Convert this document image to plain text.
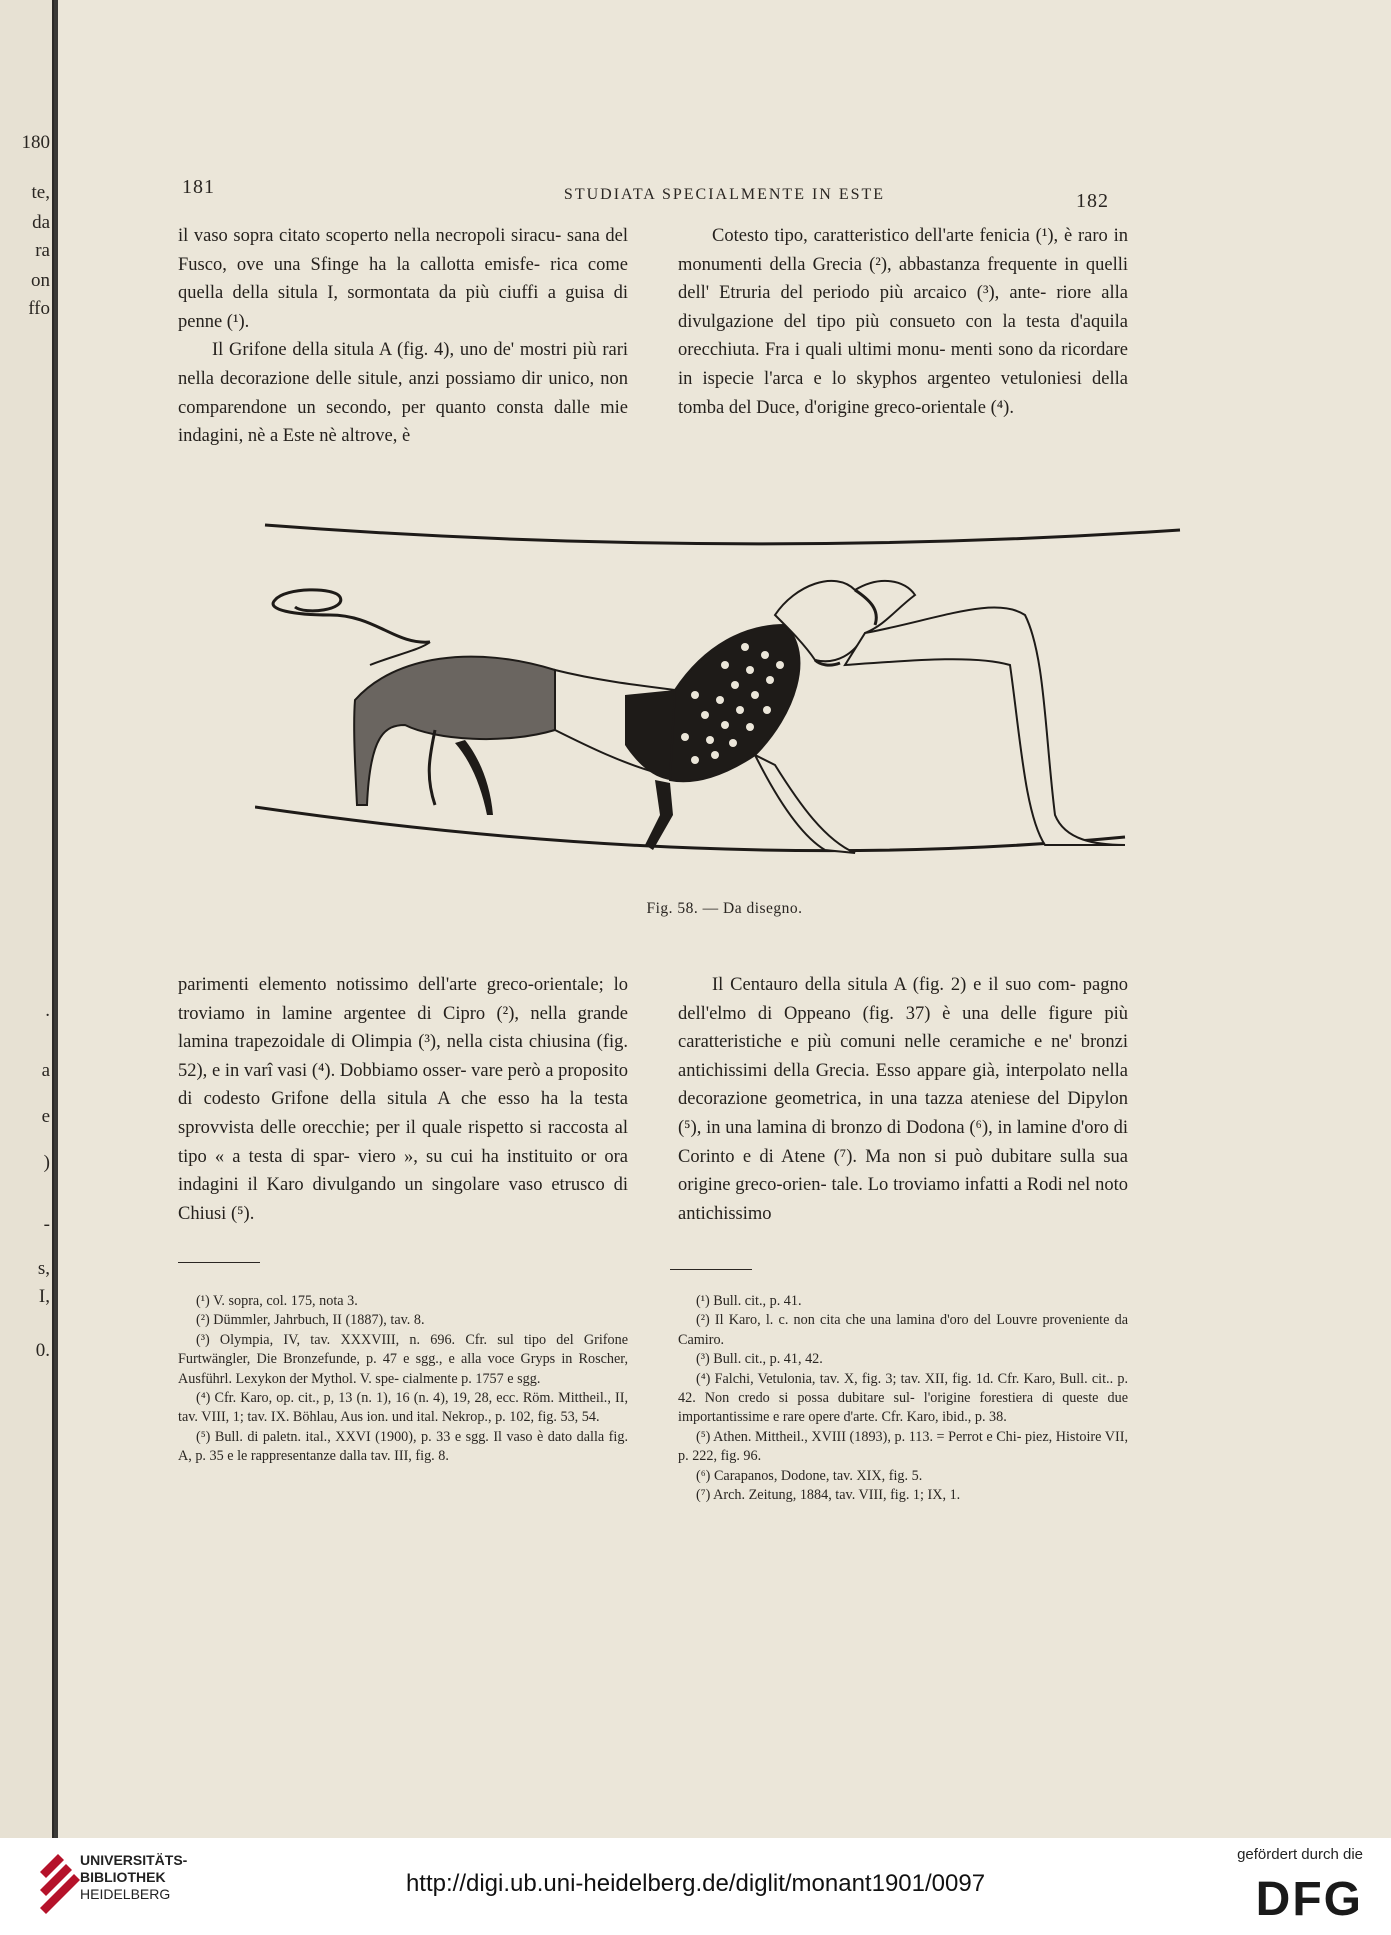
180
te,
da
ra
on
ffo
.
a
e
)
-
s,
I,
0.
181	STUDIATA SPECIALMENTE IN ESTE	182

il vaso sopra citato scoperto nella necropoli siracu- sana del Fusco, ove una Sfinge ha la callotta emisfe- rica come quella della situla I, sormontata da più ciuffi a guisa di penne (¹).

Il Grifone della situla A (fig. 4), uno de' mostri più rari nella decorazione delle situle, anzi possiamo dir unico, non comparendone un secondo, per quanto consta dalle mie indagini, nè a Este nè altrove, è

Cotesto tipo, caratteristico dell'arte fenicia (¹), è raro in monumenti della Grecia (²), abbastanza frequente in quelli dell' Etruria del periodo più arcaico (³), ante- riore alla divulgazione del tipo più consueto con la testa d'aquila orecchiuta. Fra i quali ultimi monu- menti sono da ricordare in ispecie l'arca e lo skyphos argenteo vetuloniesi della tomba del Duce, d'origine greco-orientale (⁴).

Fig. 58. — Da disegno.

parimenti elemento notissimo dell'arte greco-orientale; lo troviamo in lamine argentee di Cipro (²), nella grande lamina trapezoidale di Olimpia (³), nella cista chiusina (fig. 52), e in varî vasi (⁴). Dobbiamo osser- vare però a proposito di codesto Grifone della situla A che esso ha la testa sprovvista delle orecchie; per il quale rispetto si raccosta al tipo « a testa di spar- viero », su cui ha instituito or ora indagini il Karo divulgando un singolare vaso etrusco di Chiusi (⁵).

Il Centauro della situla A (fig. 2) e il suo com- pagno dell'elmo di Oppeano (fig. 37) è una delle figure più caratteristiche e più comuni nelle ceramiche e ne' bronzi antichissimi della Grecia. Esso appare già, interpolato nella decorazione geometrica, in una tazza ateniese del Dipylon (⁵), in una lamina di bronzo di Dodona (⁶), in lamine d'oro di Corinto e di Atene (⁷). Ma non si può dubitare sulla sua origine greco-orien- tale. Lo troviamo infatti a Rodi nel noto antichissimo

(¹) V. sopra, col. 175, nota 3.
(²) Dümmler, Jahrbuch, II (1887), tav. 8.
(³) Olympia, IV, tav. XXXVIII, n. 696. Cfr. sul tipo del Grifone Furtwängler, Die Bronzefunde, p. 47 e sgg., e alla voce Gryps in Roscher, Ausführl. Lexykon der Mythol. V. spe- cialmente p. 1757 e sgg.
(⁴) Cfr. Karo, op. cit., p, 13 (n. 1), 16 (n. 4), 19, 28, ecc. Röm. Mittheil., II, tav. VIII, 1; tav. IX. Böhlau, Aus ion. und ital. Nekrop., p. 102, fig. 53, 54.
(⁵) Bull. di paletn. ital., XXVI (1900), p. 33 e sgg. Il vaso è dato dalla fig. A, p. 35 e le rappresentanze dalla tav. III, fig. 8.
(¹) Bull. cit., p. 41.
(²) Il Karo, l. c. non cita che una lamina d'oro del Louvre proveniente da Camiro.
(³) Bull. cit., p. 41, 42.
(⁴) Falchi, Vetulonia, tav. X, fig. 3; tav. XII, fig. 1d. Cfr. Karo, Bull. cit.. p. 42. Non credo si possa dubitare sul- l'origine forestiera di queste due importantissime e rare opere d'arte. Cfr. Karo, ibid., p. 38.
(⁵) Athen. Mittheil., XVIII (1893), p. 113. = Perrot e Chi- piez, Histoire VII, p. 222, fig. 96.
(⁶) Carapanos, Dodone, tav. XIX, fig. 5.
(⁷) Arch. Zeitung, 1884, tav. VIII, fig. 1; IX, 1.
UNIVERSITÄTS-
BIBLIOTHEK
HEIDELBERG	http://digi.ub.uni-heidelberg.de/diglit/monant1901/0097
gefördert durch die
DFG
